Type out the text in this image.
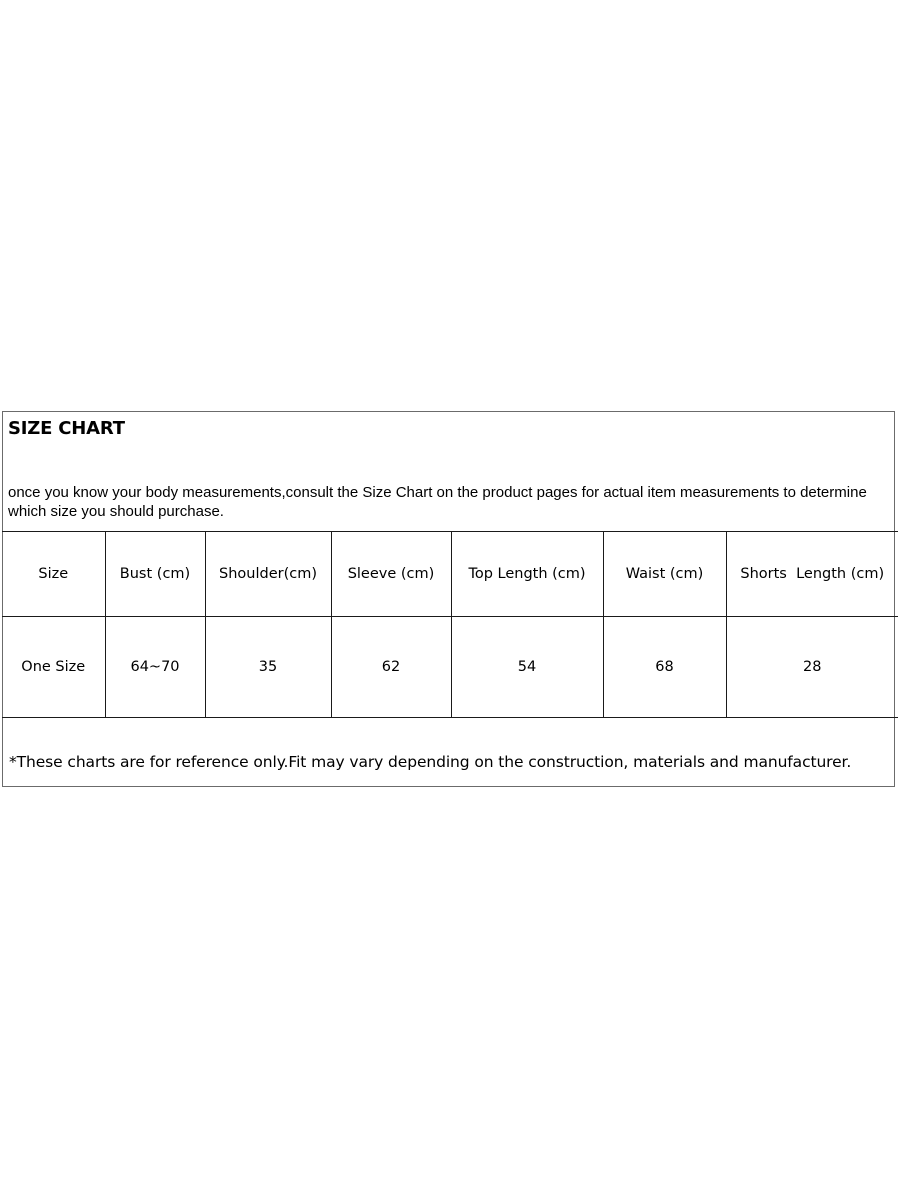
SIZE CHART

once you know your body measurements,consult the Size Chart on the product pages for actual item measurements to determine which size you should purchase.

Size	Bust (cm)	Shoulder(cm)	Sleeve (cm)	Top Length (cm)	Waist (cm)	Shorts  Length (cm)
One Size	64~70	35	62	54	68	28

*These charts are for reference only.Fit may vary depending on the construction, materials and manufacturer.
